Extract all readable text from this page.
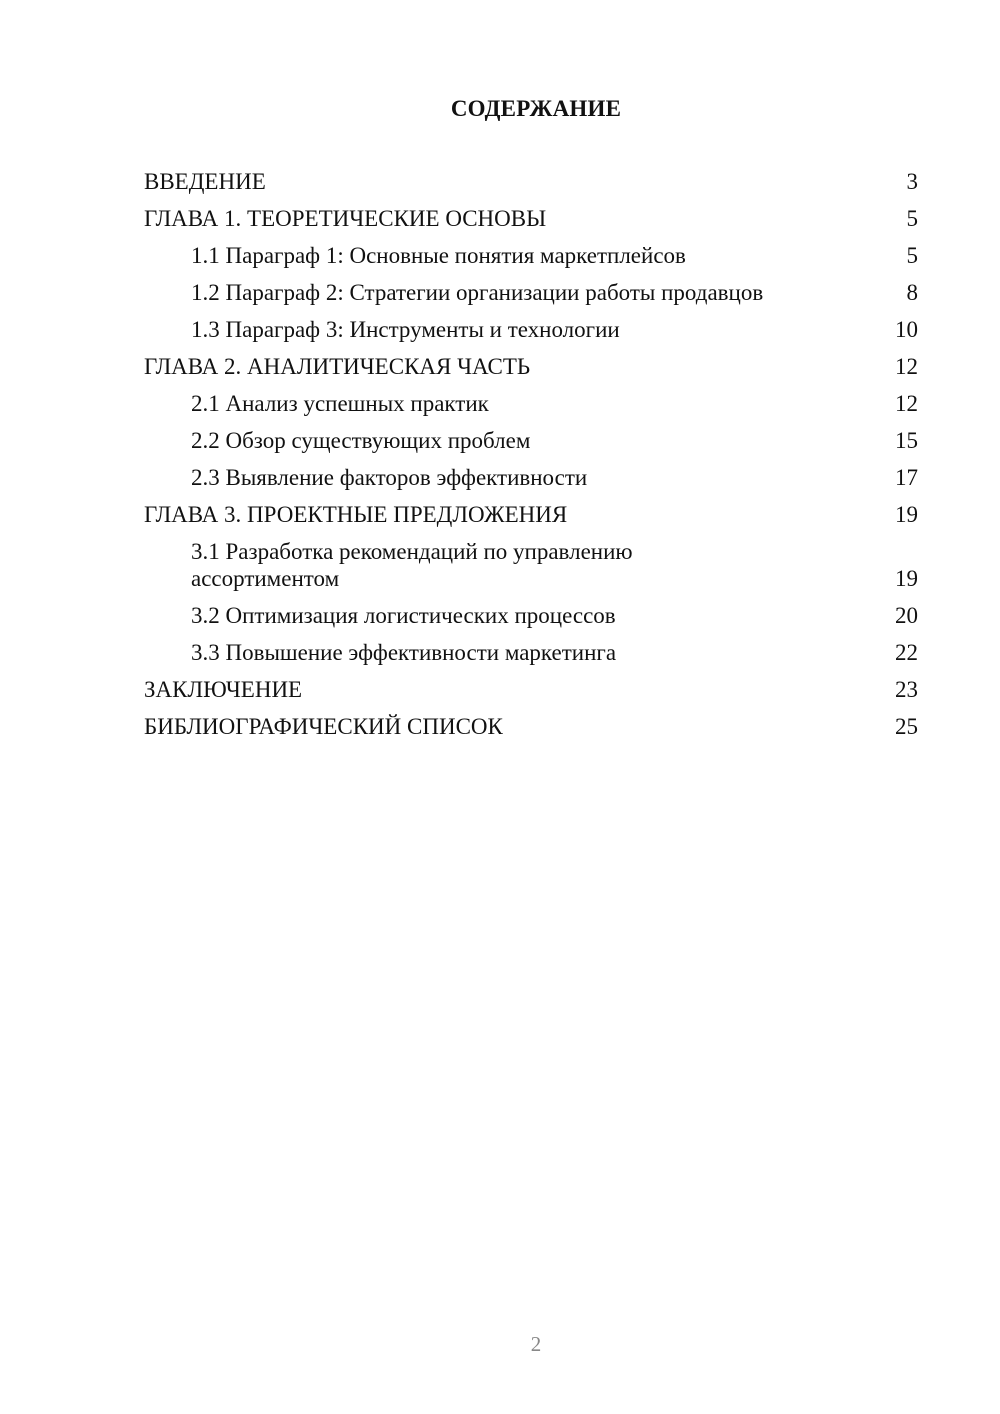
СОДЕРЖАНИЕ
ВВЕДЕНИЕ	3
ГЛАВА 1. ТЕОРЕТИЧЕСКИЕ ОСНОВЫ	5
1.1 Параграф 1: Основные понятия маркетплейсов	5
1.2 Параграф 2: Стратегии организации работы продавцов	8
1.3 Параграф 3: Инструменты и технологии	10
ГЛАВА 2. АНАЛИТИЧЕСКАЯ ЧАСТЬ	12
2.1 Анализ успешных практик	12
2.2 Обзор существующих проблем	15
2.3 Выявление факторов эффективности	17
ГЛАВА 3. ПРОЕКТНЫЕ ПРЕДЛОЖЕНИЯ	19
3.1 Разработка рекомендаций по управлению ассортиментом	19
3.2 Оптимизация логистических процессов	20
3.3 Повышение эффективности маркетинга	22
ЗАКЛЮЧЕНИЕ	23
БИБЛИОГРАФИЧЕСКИЙ СПИСОК	25
2
